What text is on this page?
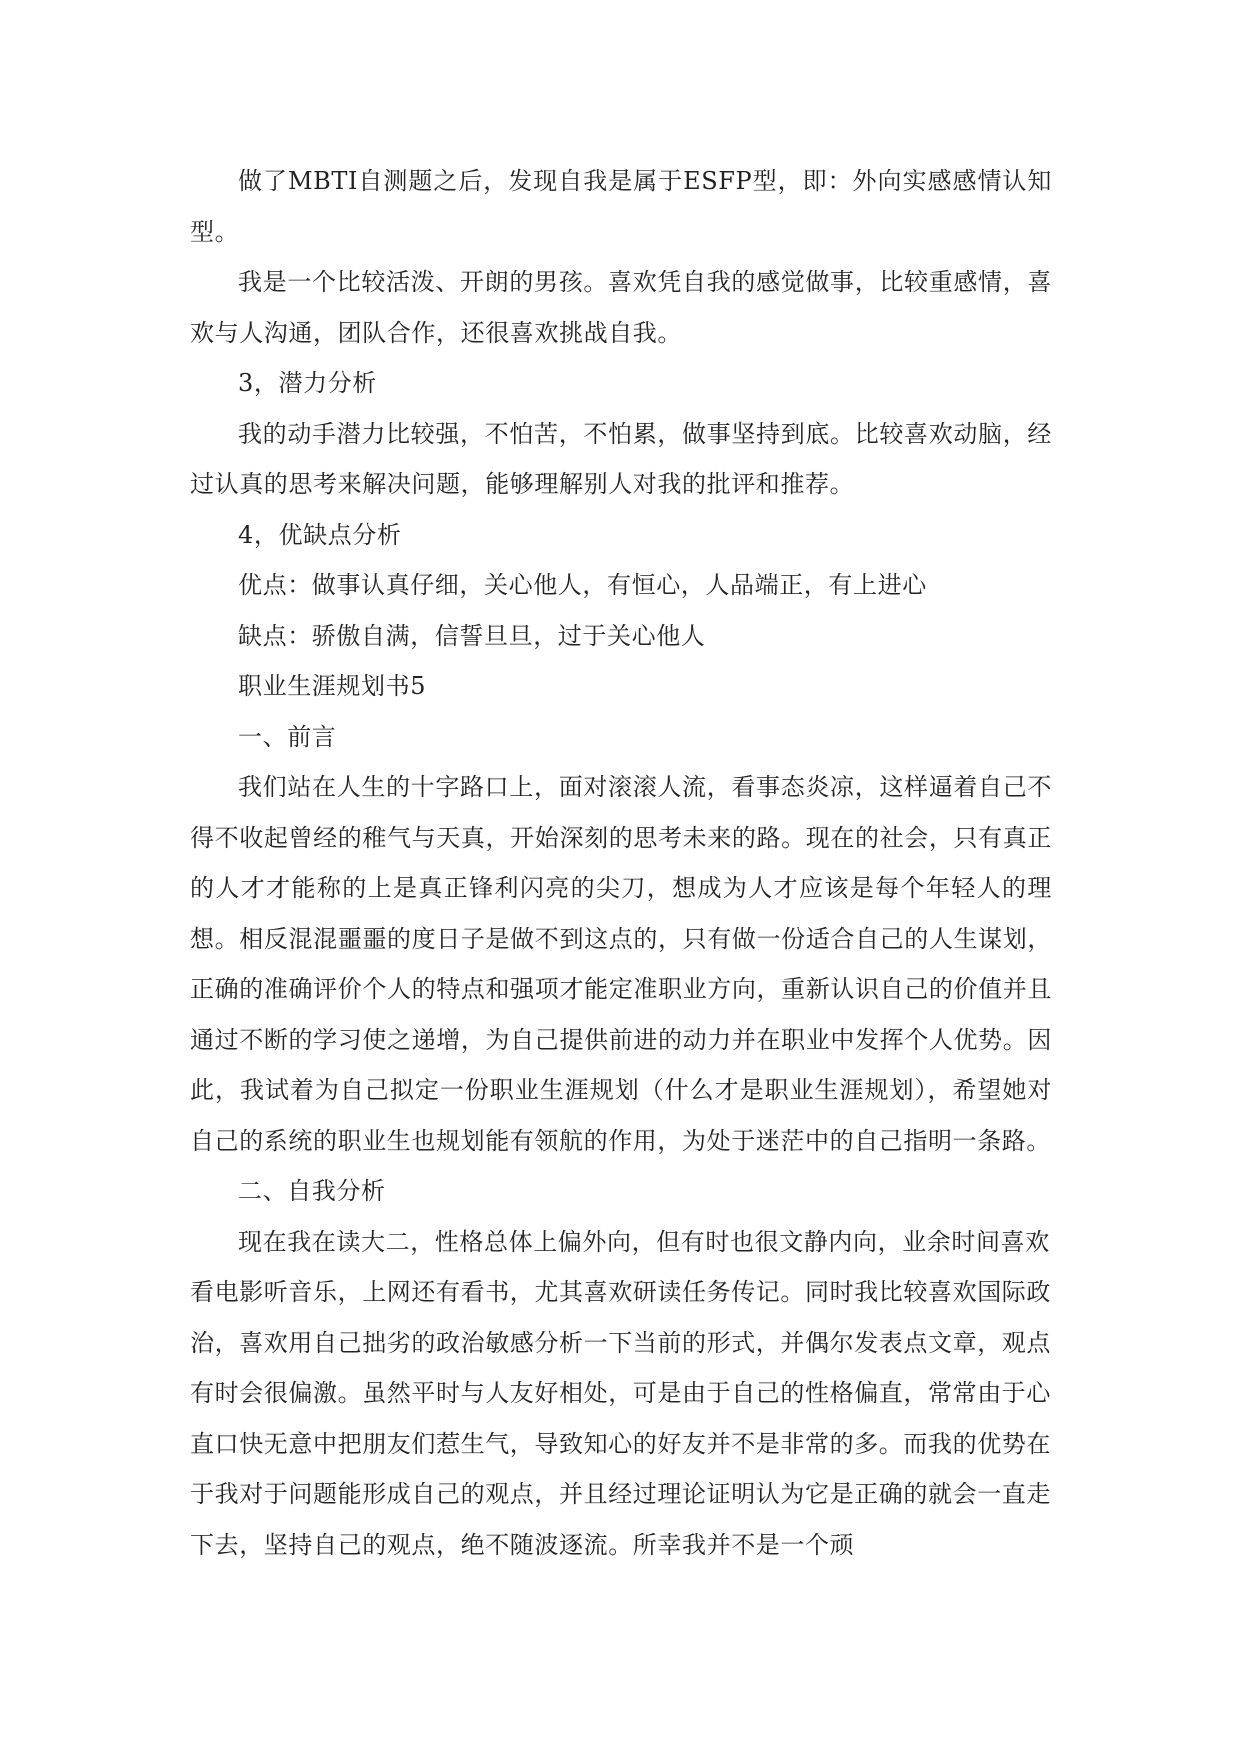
做了MBTI自测题之后，发现自我是属于ESFP型，即：外向实感感情认知型。

我是一个比较活泼、开朗的男孩。喜欢凭自我的感觉做事，比较重感情，喜欢与人沟通，团队合作，还很喜欢挑战自我。

3，潜力分析

我的动手潜力比较强，不怕苦，不怕累，做事坚持到底。比较喜欢动脑，经过认真的思考来解决问题，能够理解别人对我的批评和推荐。

4，优缺点分析

优点：做事认真仔细，关心他人，有恒心，人品端正，有上进心

缺点：骄傲自满，信誓旦旦，过于关心他人

职业生涯规划书5

一、前言

我们站在人生的十字路口上，面对滚滚人流，看事态炎凉，这样逼着自己不得不收起曾经的稚气与天真，开始深刻的思考未来的路。现在的社会，只有真正的人才才能称的上是真正锋利闪亮的尖刀，想成为人才应该是每个年轻人的理想。相反混混噩噩的度日子是做不到这点的，只有做一份适合自己的人生谋划，正确的准确评价个人的特点和强项才能定准职业方向，重新认识自己的价值并且通过不断的学习使之递增，为自己提供前进的动力并在职业中发挥个人优势。因此，我试着为自己拟定一份职业生涯规划（什么才是职业生涯规划），希望她对自己的系统的职业生也规划能有领航的作用，为处于迷茫中的自己指明一条路。

二、自我分析

现在我在读大二，性格总体上偏外向，但有时也很文静内向，业余时间喜欢看电影听音乐，上网还有看书，尤其喜欢研读任务传记。同时我比较喜欢国际政治，喜欢用自己拙劣的政治敏感分析一下当前的形式，并偶尔发表点文章，观点有时会很偏激。虽然平时与人友好相处，可是由于自己的性格偏直，常常由于心直口快无意中把朋友们惹生气，导致知心的好友并不是非常的多。而我的优势在于我对于问题能形成自己的观点，并且经过理论证明认为它是正确的就会一直走下去，坚持自己的观点，绝不随波逐流。所幸我并不是一个顽
